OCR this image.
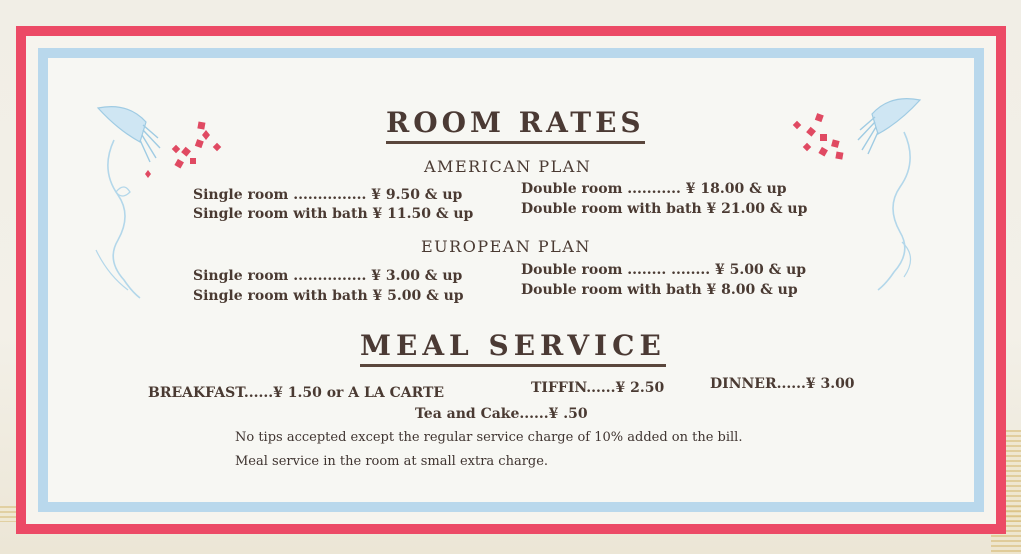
ROOM RATES
AMERICAN PLAN
Single room ............... ¥ 9.50 & up
Single room with bath ¥ 11.50 & up
Double room ........... ¥ 18.00 & up
Double room with bath ¥ 21.00 & up
EUROPEAN PLAN
Single room ............... ¥ 3.00 & up
Single room with bath ¥ 5.00 & up
Double room ........ ........ ¥ 5.00 & up
Double room with bath ¥ 8.00 & up
MEAL SERVICE
BREAKFAST......¥ 1.50 or A LA CARTE	TIFFIN......¥ 2.50	DINNER......¥ 3.00
Tea and Cake......¥ .50
No tips accepted except the regular service charge of 10% added on the bill.
Meal service in the room at small extra charge.
